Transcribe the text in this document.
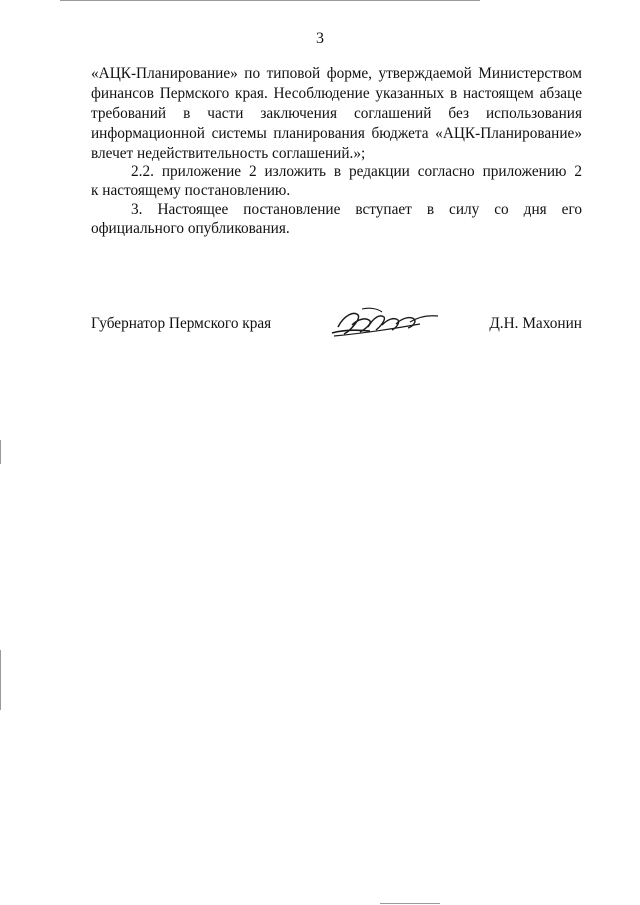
3
«АЦК-Планирование» по типовой форме, утверждаемой Министерством
финансов Пермского края. Несоблюдение указанных в настоящем абзаце
требований в части заключения соглашений без использования
информационной системы планирования бюджета «АЦК-Планирование»
влечет недействительность соглашений.»;
2.2. приложение 2 изложить в редакции согласно приложению 2
к настоящему постановлению.
3. Настоящее постановление вступает в силу со дня его
официального опубликования.
Губернатор Пермского края	Д.Н. Махонин
